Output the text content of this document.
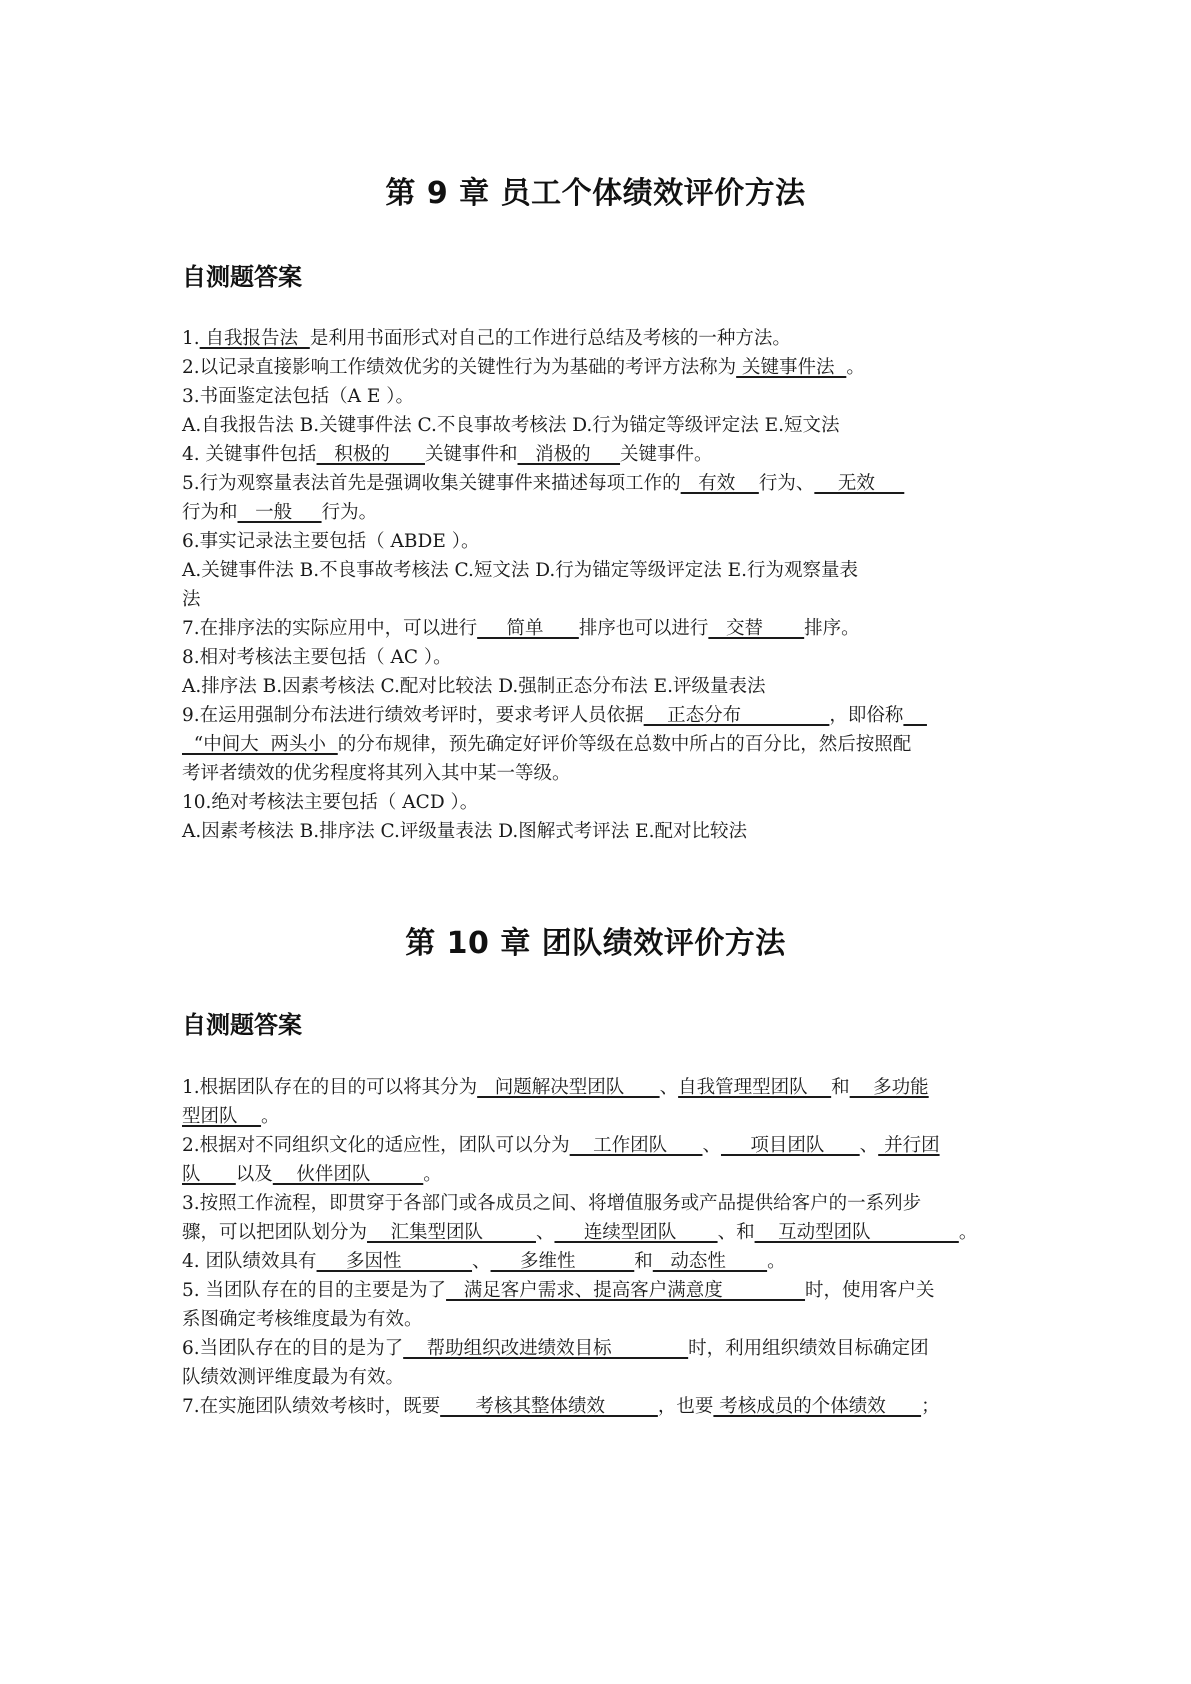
第 9 章 员工个体绩效评价方法
自测题答案
1. 自我报告法  是利用书面形式对自己的工作进行总结及考核的一种方法。
2.以记录直接影响工作绩效优劣的关键性行为为基础的考评方法称为 关键事件法  。
3.书面鉴定法包括（A E ）。
A.自我报告法 B.关键事件法 C.不良事故考核法 D.行为锚定等级评定法 E.短文法
4. 关键事件包括   积极的      关键事件和   消极的     关键事件。
5.行为观察量表法首先是强调收集关键事件来描述每项工作的   有效    行为、    无效
行为和   一般     行为。
6.事实记录法主要包括（ ABDE ）。
A.关键事件法 B.不良事故考核法 C.短文法 D.行为锚定等级评定法 E.行为观察量表
法
7.在排序法的实际应用中，可以进行     简单      排序也可以进行   交替       排序。
8.相对考核法主要包括（ AC ）。
A.排序法 B.因素考核法 C.配对比较法 D.强制正态分布法 E.评级量表法
9.在运用强制分布法进行绩效考评时，要求考评人员依据    正态分布               ，即俗称
“中间大  两头小  的分布规律，预先确定好评价等级在总数中所占的百分比，然后按照配
考评者绩效的优劣程度将其列入其中某一等级。
10.绝对考核法主要包括（ ACD ）。
A.因素考核法 B.排序法 C.评级量表法 D.图解式考评法 E.配对比较法
第 10 章 团队绩效评价方法
自测题答案
1.根据团队存在的目的可以将其分为   问题解决型团队      、自我管理型团队    和    多功能
型团队    。
2.根据对不同组织文化的适应性，团队可以分为    工作团队      、     项目团队      、 并行团
队      以及    伙伴团队         。
3.按照工作流程，即贯穿于各部门或各成员之间、将增值服务或产品提供给客户的一系列步
骤，可以把团队划分为    汇集型团队         、     连续型团队       、和    互动型团队               。
4. 团队绩效具有     多因性            、     多维性          和   动态性       。
5. 当团队存在的目的主要是为了   满足客户需求、提高客户满意度              时，使用客户关
系图确定考核维度最为有效。
6.当团队存在的目的是为了    帮助组织改进绩效目标             时，利用组织绩效目标确定团
队绩效测评维度最为有效。
7.在实施团队绩效考核时，既要      考核其整体绩效         ，也要 考核成员的个体绩效      ；
